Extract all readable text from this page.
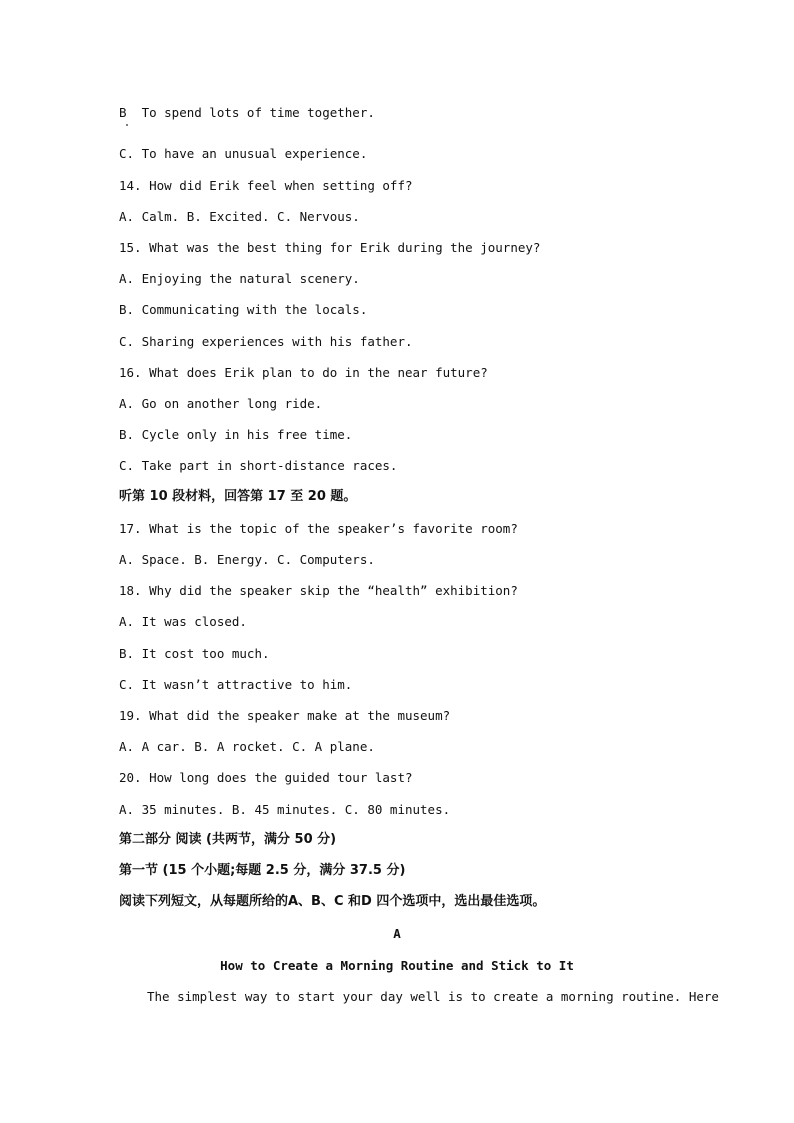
B  To spend lots of time together.
C. To have an unusual experience.
14. How did Erik feel when setting off?
A. Calm. B. Excited. C. Nervous.
15. What was the best thing for Erik during the journey?
A. Enjoying the natural scenery.
B. Communicating with the locals.
C. Sharing experiences with his father.
16. What does Erik plan to do in the near future?
A. Go on another long ride.
B. Cycle only in his free time.
C. Take part in short-distance races.
听第 10 段材料，回答第 17 至 20 题。
17. What is the topic of the speaker’s favorite room?
A. Space. B. Energy. C. Computers.
18. Why did the speaker skip the “health” exhibition?
A. It was closed.
B. It cost too much.
C. It wasn’t attractive to him.
19. What did the speaker make at the museum?
A. A car. B. A rocket. C. A plane.
20. How long does the guided tour last?
A. 35 minutes. B. 45 minutes. C. 80 minutes.
第二部分 阅读 (共两节，满分 50 分)
第一节 (15 个小题;每题 2.5 分，满分 37.5 分)
阅读下列短文，从每题所给的A、B、C 和D 四个选项中，选出最佳选项。
A
How to Create a Morning Routine and Stick to It
The simplest way to start your day well is to create a morning routine. Here
